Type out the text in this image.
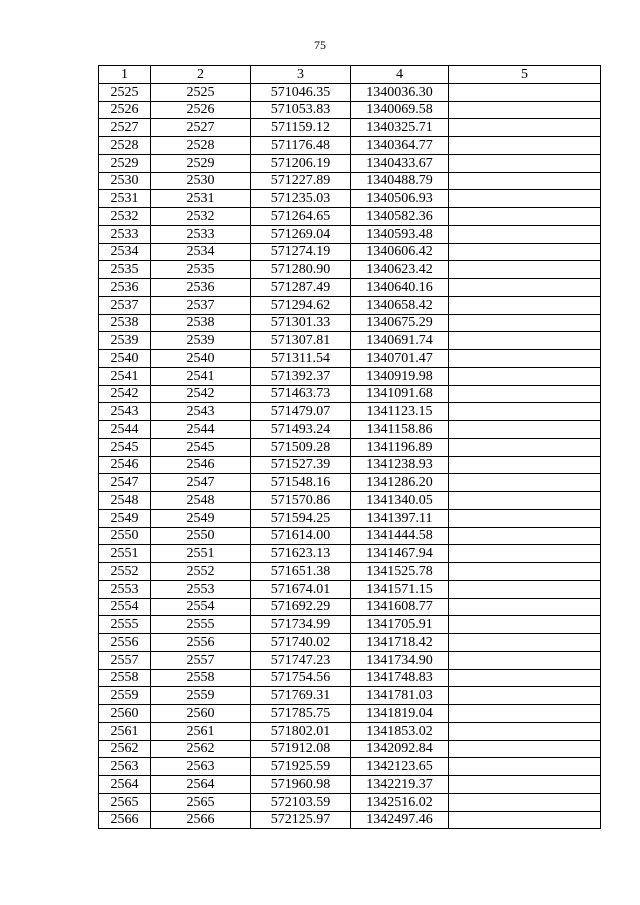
75
1	2	3	4	5
2525	2525	571046.35	1340036.30	
2526	2526	571053.83	1340069.58	
2527	2527	571159.12	1340325.71	
2528	2528	571176.48	1340364.77	
2529	2529	571206.19	1340433.67	
2530	2530	571227.89	1340488.79	
2531	2531	571235.03	1340506.93	
2532	2532	571264.65	1340582.36	
2533	2533	571269.04	1340593.48	
2534	2534	571274.19	1340606.42	
2535	2535	571280.90	1340623.42	
2536	2536	571287.49	1340640.16	
2537	2537	571294.62	1340658.42	
2538	2538	571301.33	1340675.29	
2539	2539	571307.81	1340691.74	
2540	2540	571311.54	1340701.47	
2541	2541	571392.37	1340919.98	
2542	2542	571463.73	1341091.68	
2543	2543	571479.07	1341123.15	
2544	2544	571493.24	1341158.86	
2545	2545	571509.28	1341196.89	
2546	2546	571527.39	1341238.93	
2547	2547	571548.16	1341286.20	
2548	2548	571570.86	1341340.05	
2549	2549	571594.25	1341397.11	
2550	2550	571614.00	1341444.58	
2551	2551	571623.13	1341467.94	
2552	2552	571651.38	1341525.78	
2553	2553	571674.01	1341571.15	
2554	2554	571692.29	1341608.77	
2555	2555	571734.99	1341705.91	
2556	2556	571740.02	1341718.42	
2557	2557	571747.23	1341734.90	
2558	2558	571754.56	1341748.83	
2559	2559	571769.31	1341781.03	
2560	2560	571785.75	1341819.04	
2561	2561	571802.01	1341853.02	
2562	2562	571912.08	1342092.84	
2563	2563	571925.59	1342123.65	
2564	2564	571960.98	1342219.37	
2565	2565	572103.59	1342516.02	
2566	2566	572125.97	1342497.46	
